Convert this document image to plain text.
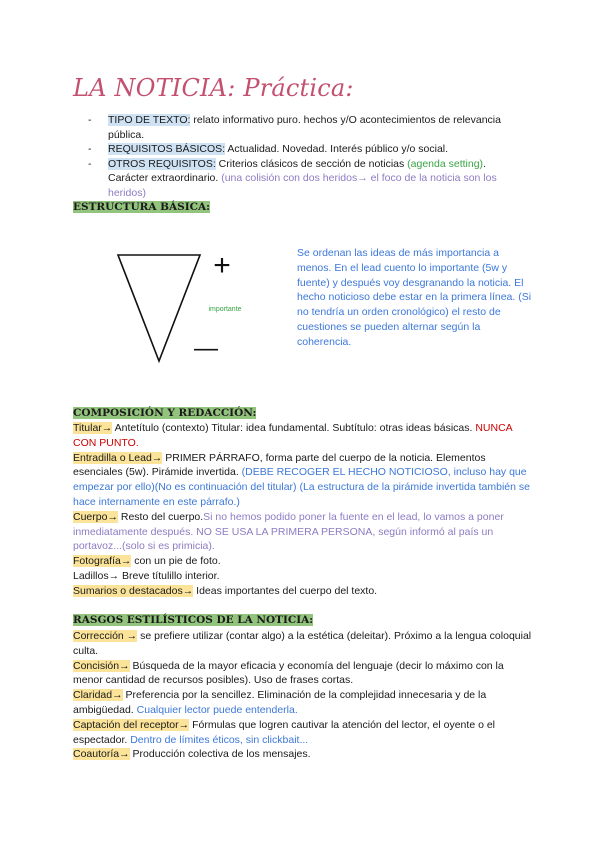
LA NOTICIA: Práctica:
- TIPO DE TEXTO: relato informativo puro. hechos y/O acontecimientos de relevancia pública.
- REQUISITOS BÁSICOS: Actualidad. Novedad. Interés público y/o social.
- OTROS REQUISITOS: Criterios clásicos de sección de noticias (agenda setting). Carácter extraordinario. (una colisión con dos heridos→ el foco de la noticia son los heridos)
ESTRUCTURA BÁSICA:
+
—
importante
Se ordenan las ideas de más importancia a menos. En el lead cuento lo importante (5w y fuente) y después voy desgranando la noticia. El hecho noticioso debe estar en la primera línea. (Si no tendría un orden cronológico) el resto de cuestiones se pueden alternar según la coherencia.
COMPOSICIÓN Y REDACCIÓN:

Titular→ Antetítulo (contexto) Titular: idea fundamental. Subtítulo: otras ideas básicas. NUNCA CON PUNTO.

Entradilla o Lead→ PRIMER PÁRRAFO, forma parte del cuerpo de la noticia. Elementos esenciales (5w). Pirámide invertida. (DEBE RECOGER EL HECHO NOTICIOSO, incluso hay que empezar por ello)(No es continuación del titular) (La estructura de la pirámide invertida también se hace internamente en este párrafo.)

Cuerpo→ Resto del cuerpo.Si no hemos podido poner la fuente en el lead, lo vamos a poner inmediatamente después. NO SE USA LA PRIMERA PERSONA, según informó al país un portavoz...(solo si es primicia).

Fotografía→ con un pie de foto.

Ladillos→ Breve títulillo interior.

Sumarios o destacados→ Ideas importantes del cuerpo del texto.

RASGOS ESTILÍSTICOS DE LA NOTICIA:

Corrección → se prefiere utilizar (contar algo) a la estética (deleitar). Próximo a la lengua coloquial culta.

Concisión→ Búsqueda de la mayor eficacia y economía del lenguaje (decir lo máximo con la menor cantidad de recursos posibles). Uso de frases cortas.

Claridad→ Preferencia por la sencillez. Eliminación de la complejidad innecesaria y de la ambigüedad. Cualquier lector puede entenderla.

Captación del receptor→ Fórmulas que logren cautivar la atención del lector, el oyente o el espectador. Dentro de límites éticos, sin clickbait...

Coautoría→ Producción colectiva de los mensajes.
